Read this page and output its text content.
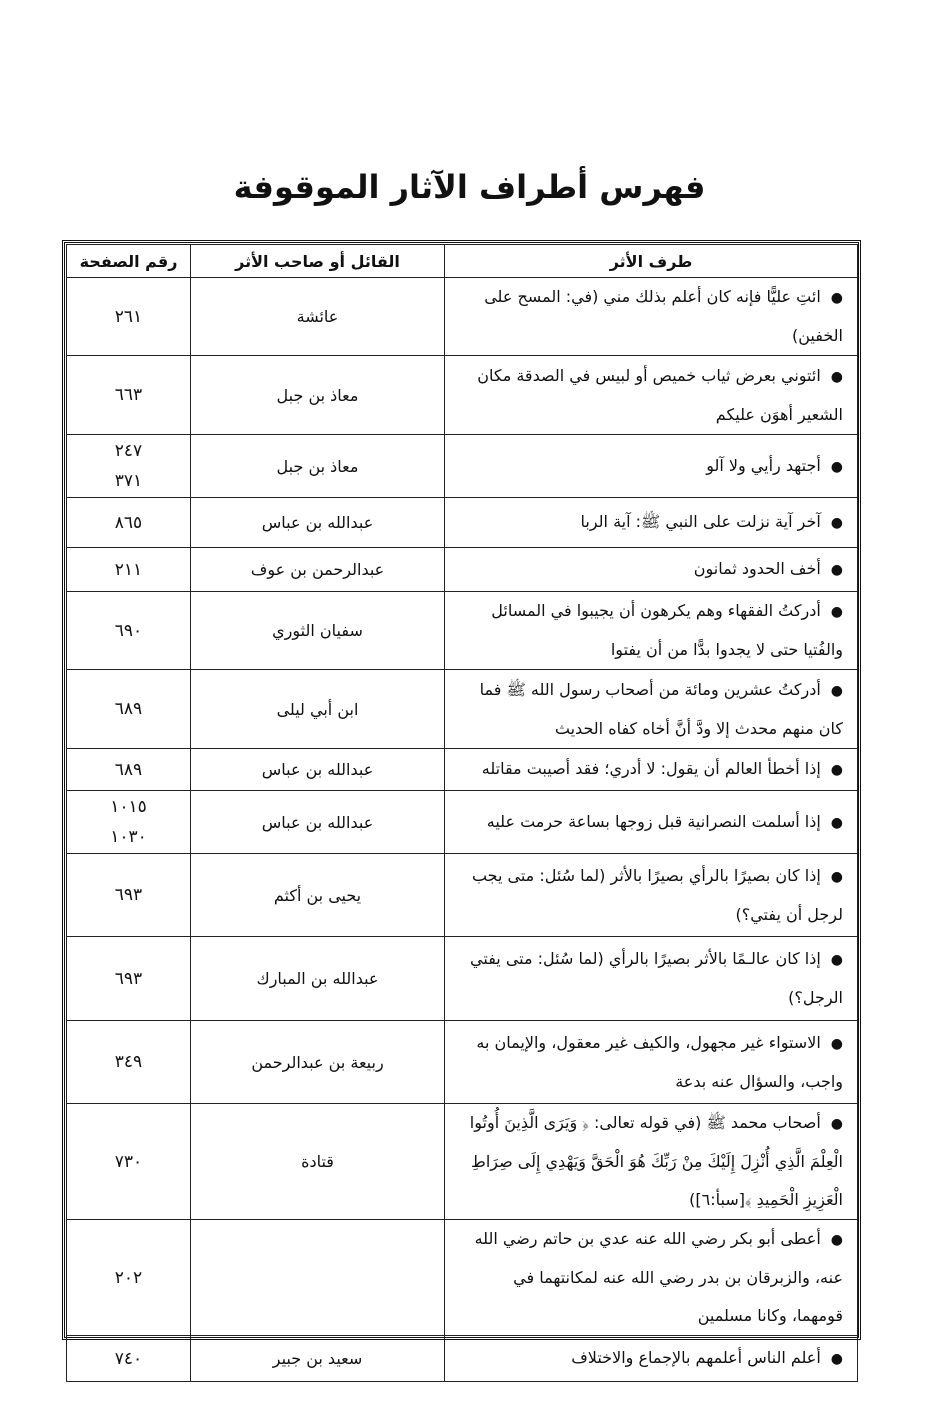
فهرس أطراف الآثار الموقوفة
طرف الأثر	القائل أو صاحب الأثر	رقم الصفحة
●ائتِ عليًّا فإنه كان أعلم بذلك مني (في: المسح على الخفين)	عائشة	٢٦١

●ائتوني بعرض ثياب خميص أو لبيس في الصدقة مكان الشعير أهوَن عليكم	معاذ بن جبل	٦٦٣

●أجتهد رأيي ولا آلو	معاذ بن جبل	٢٤٧
٣٧١

●آخر آية نزلت على النبي ﷺ: آية الربا	عبدالله بن عباس	٨٦٥

●أخف الحدود ثمانون	عبدالرحمن بن عوف	٢١١

●أدركتُ الفقهاء وهم يكرهون أن يجيبوا في المسائل والفُتيا حتى لا يجدوا بدًّا من أن يفتوا	سفيان الثوري	٦٩٠

●أدركتُ عشرين ومائة من أصحاب رسول الله ﷺ فما كان منهم محدث إلا ودَّ أنَّ أخاه كفاه الحديث	ابن أبي ليلى	٦٨٩

●إذا أخطأ العالم أن يقول: لا أدري؛ فقد أصيبت مقاتله	عبدالله بن عباس	٦٨٩

●إذا أسلمت النصرانية قبل زوجها بساعة حرمت عليه	عبدالله بن عباس	١٠١٥
١٠٣٠

●إذا كان بصيرًا بالرأي بصيرًا بالأثر (لما سُئل: متى يجب لرجل أن يفتي؟)	يحيى بن أكثم	٦٩٣

●إذا كان عالـمًا بالأثر بصيرًا بالرأي (لما سُئل: متى يفتي الرجل؟)	عبدالله بن المبارك	٦٩٣

●الاستواء غير مجهول، والكيف غير معقول، والإيمان به واجب، والسؤال عنه بدعة	ربيعة بن عبدالرحمن	٣٤٩

●أصحاب محمد ﷺ (في قوله تعالى: ﴿ وَيَرَى الَّذِينَ أُوتُوا الْعِلْمَ الَّذِي أُنْزِلَ إِلَيْكَ مِنْ رَبِّكَ هُوَ الْحَقَّ وَيَهْدِي إِلَى صِرَاطِ الْعَزِيزِ الْحَمِيدِ ﴾[سبأ:٦])	قتادة	٧٣٠

●أعطى أبو بكر رضي الله عنه عدي بن حاتم رضي الله عنه، والزبرقان بن بدر رضي الله عنه لمكانتهما في قومهما، وكانا مسلمين		٢٠٢

●أعلم الناس أعلمهم بالإجماع والاختلاف	سعيد بن جبير	٧٤٠
